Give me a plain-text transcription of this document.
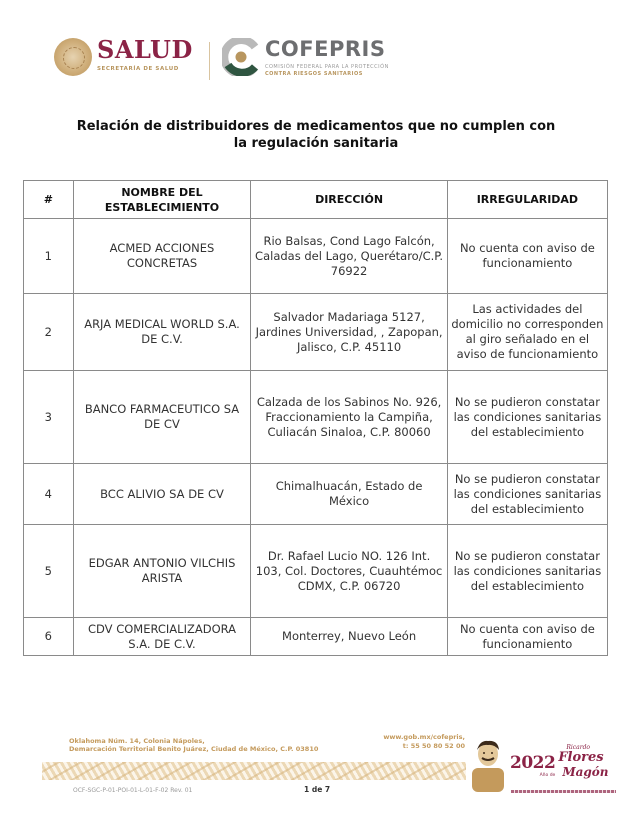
SALUD
SECRETARÍA DE SALUD
COFEPRIS
COMISIÓN FEDERAL PARA LA PROTECCIÓN
CONTRA RIESGOS SANITARIOS
Relación de distribuidores de medicamentos que no cumplen con
la regulación sanitaria
#	NOMBRE DEL ESTABLECIMIENTO	DIRECCIÓN	IRREGULARIDAD
1	ACMED ACCIONES CONCRETAS	Rio Balsas, Cond Lago Falcón, Caladas del Lago, Querétaro/C.P. 76922	No cuenta con aviso de funcionamiento
2	ARJA MEDICAL WORLD S.A. DE C.V.	Salvador Madariaga 5127, Jardines Universidad, , Zapopan, Jalisco, C.P. 45110	Las actividades del domicilio no corresponden al giro señalado en el aviso de funcionamiento
3	BANCO FARMACEUTICO SA DE CV	Calzada de los Sabinos No. 926, Fraccionamiento la Campiña, Culiacán Sinaloa, C.P. 80060	No se pudieron constatar las condiciones sanitarias del establecimiento
4	BCC ALIVIO SA DE CV	Chimalhuacán, Estado de México	No se pudieron constatar las condiciones sanitarias del establecimiento
5	EDGAR ANTONIO VILCHIS ARISTA	Dr. Rafael Lucio NO. 126 Int. 103, Col. Doctores, Cuauhtémoc CDMX, C.P. 06720	No se pudieron constatar las condiciones sanitarias del establecimiento
6	CDV COMERCIALIZADORA S.A. DE C.V.	Monterrey, Nuevo León	No cuenta con aviso de funcionamiento
Oklahoma Núm. 14, Colonia Nápoles,
Demarcación Territorial Benito Juárez, Ciudad de México, C.P. 03810
www.gob.mx/cofepris,
t: 55 50 80 52 00
OCF-SGC-P-01-POI-01-L-01-F-02 Rev. 01	1 de 7
2022
Año de
Ricardo
Flores
Magón
